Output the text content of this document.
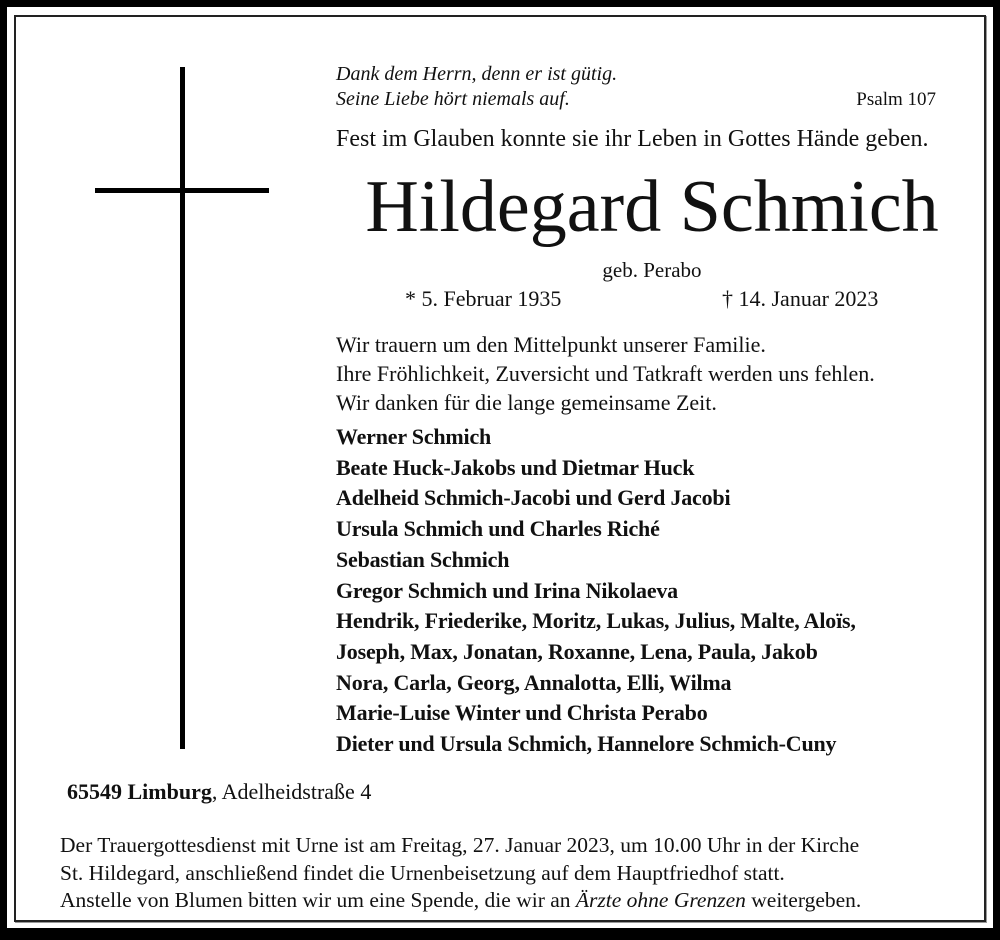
Dank dem Herrn, denn er ist gütig.
Seine Liebe hört niemals auf.	Psalm 107
Fest im Glauben konnte sie ihr Leben in Gottes Hände geben.
Hildegard Schmich
geb. Perabo
* 5. Februar 1935	† 14. Januar 2023
Wir trauern um den Mittelpunkt unserer Familie.
Ihre Fröhlichkeit, Zuversicht und Tatkraft werden uns fehlen.
Wir danken für die lange gemeinsame Zeit.
Werner Schmich
Beate Huck-Jakobs und Dietmar Huck
Adelheid Schmich-Jacobi und Gerd Jacobi
Ursula Schmich und Charles Riché
Sebastian Schmich
Gregor Schmich und Irina Nikolaeva
Hendrik, Friederike, Moritz, Lukas, Julius, Malte, Aloïs,
Joseph, Max, Jonatan, Roxanne, Lena, Paula, Jakob
Nora, Carla, Georg, Annalotta, Elli, Wilma
Marie-Luise Winter und Christa Perabo
Dieter und Ursula Schmich, Hannelore Schmich-Cuny
65549 Limburg, Adelheidstraße 4
Der Trauergottesdienst mit Urne ist am Freitag, 27. Januar 2023, um 10.00 Uhr in der Kirche
St. Hildegard, anschließend findet die Urnenbeisetzung auf dem Hauptfriedhof statt.
Anstelle von Blumen bitten wir um eine Spende, die wir an Ärzte ohne Grenzen weitergeben.
